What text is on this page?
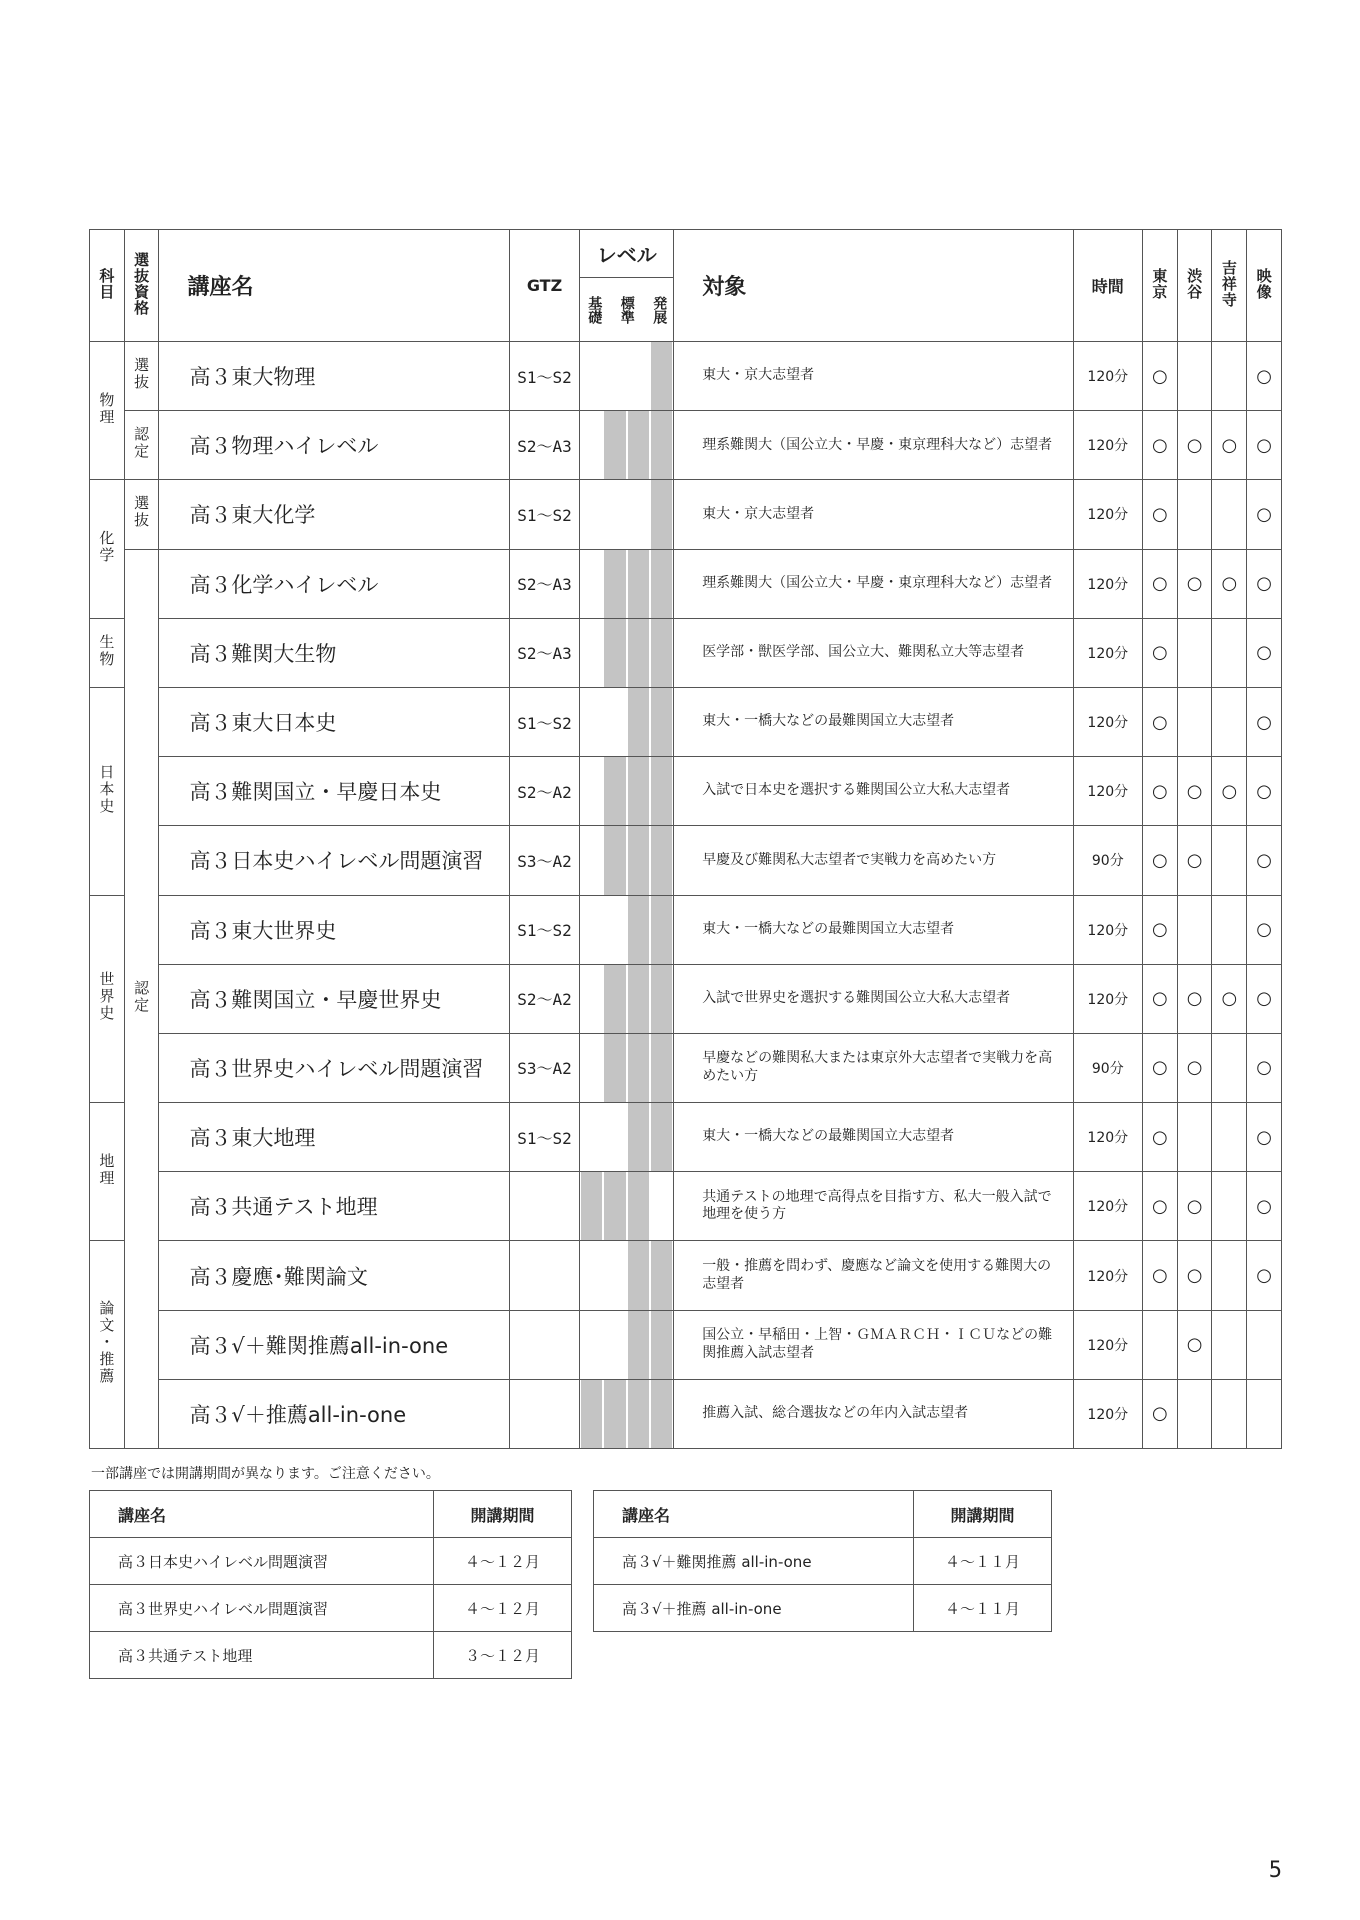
科目	選抜資格	講座名	GTZ	レベル	対象	時間	東京	渋谷	吉祥寺	映像

				基礎 標準 発展						

物理	選抜	高３東大物理	S1〜S2		東大・京大志望者	120分	○			○
	認定	高３物理ハイレベル	S2〜A3		理系難関大（国公立大・早慶・東京理科大など）志望者	120分	○	○	○	○
化学	選抜	高３東大化学	S1〜S2		東大・京大志望者	120分	○			○
	認定	高３化学ハイレベル	S2〜A3		理系難関大（国公立大・早慶・東京理科大など）志望者	120分	○	○	○	○
生物		高３難関大生物	S2〜A3		医学部・獣医学部、国公立大、難関私立大等志望者	120分	○			○
日本史		高３東大日本史	S1〜S2		東大・一橋大などの最難関国立大志望者	120分	○			○
		高３難関国立・早慶日本史	S2〜A2		入試で日本史を選択する難関国公立大私大志望者	120分	○	○	○	○
		高３日本史ハイレベル問題演習	S3〜A2		早慶及び難関私大志望者で実戦力を高めたい方	90分	○	○		○
世界史		高３東大世界史	S1〜S2		東大・一橋大などの最難関国立大志望者	120分	○			○
		高３難関国立・早慶世界史	S2〜A2		入試で世界史を選択する難関国公立大私大志望者	120分	○	○	○	○
		高３世界史ハイレベル問題演習	S3〜A2		早慶などの難関私大または東京外大志望者で実戦力を高めたい方	90分	○	○		○
地理		高３東大地理	S1〜S2		東大・一橋大などの最難関国立大志望者	120分	○			○
		高３共通テスト地理			共通テストの地理で高得点を目指す方、私大一般入試で地理を使う方	120分	○	○		○
論文・推薦		高３慶應･難関論文			一般・推薦を問わず、慶應など論文を使用する難関大の志望者	120分	○	○		○
		高３√＋難関推薦all-in-one			国公立・早稲田・上智・ＧＭＡＲＣＨ・ＩＣＵなどの難関推薦入試志望者	120分		○		
		高３√＋推薦all-in-one			推薦入試、総合選抜などの年内入試志望者	120分	○			
一部講座では開講期間が異なります。ご注意ください。
講座名	開講期間
高３日本史ハイレベル問題演習	４〜１２月
高３世界史ハイレベル問題演習	４〜１２月
高３共通テスト地理	３〜１２月
講座名	開講期間
高３√＋難関推薦 all-in-one	４〜１１月
高３√＋推薦 all-in-one	４〜１１月
5
